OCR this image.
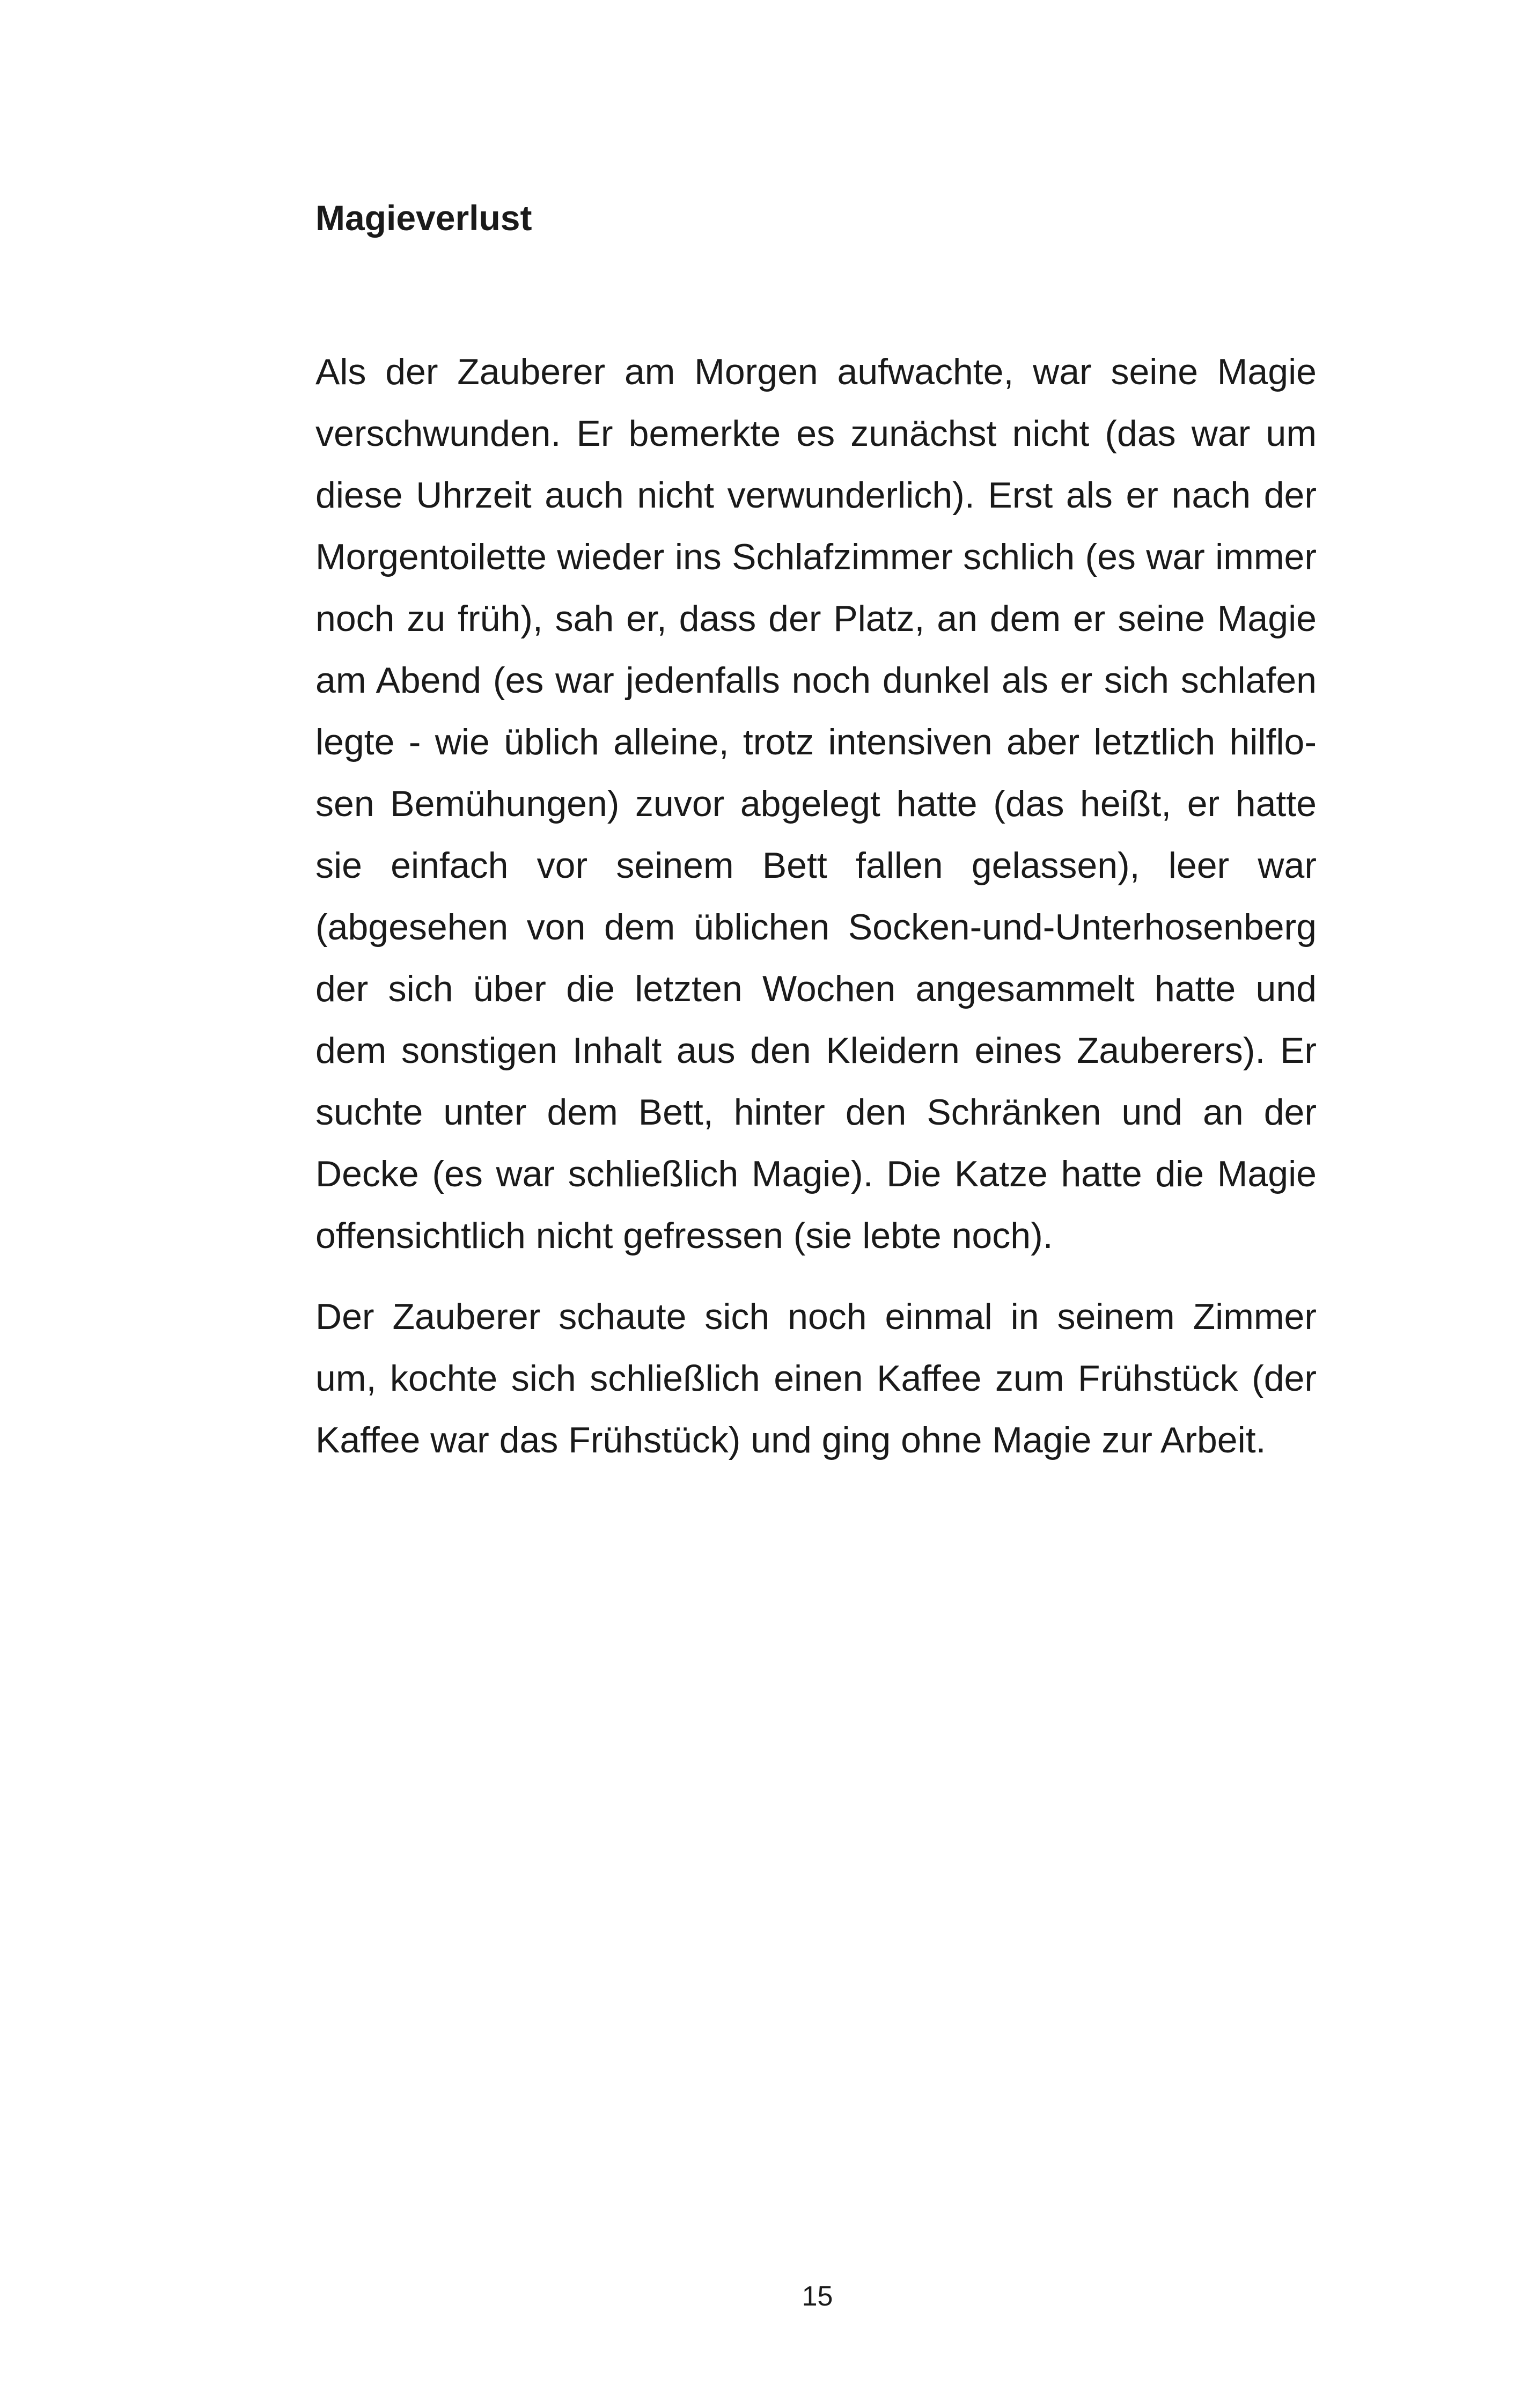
Magieverlust

Als der Zauberer am Morgen aufwachte, war seine Magie verschwunden. Er bemerkte es zunächst nicht (das war um diese Uhrzeit auch nicht verwunderlich). Erst als er nach der Morgentoilette wieder ins Schlafzimmer schlich (es war immer noch zu früh), sah er, dass der Platz, an dem er seine Magie am Abend (es war jedenfalls noch dunkel als er sich schlafen legte - wie üblich alleine, trotz intensiven aber letztlich hilflosen Bemühungen) zuvor abgelegt hatte (das heißt, er hatte sie einfach vor seinem Bett fallen gelassen), leer war (abgesehen von dem üblichen Socken-und-Unterhosenberg der sich über die letzten Wochen angesammelt hatte und dem sonstigen Inhalt aus den Kleidern eines Zauberers). Er suchte unter dem Bett, hinter den Schränken und an der Decke (es war schließlich Magie). Die Katze hatte die Magie offensichtlich nicht gefressen (sie lebte noch).

Der Zauberer schaute sich noch einmal in seinem Zimmer um, kochte sich schließlich einen Kaffee zum Frühstück (der Kaffee war das Frühstück) und ging ohne Magie zur Arbeit.

15
